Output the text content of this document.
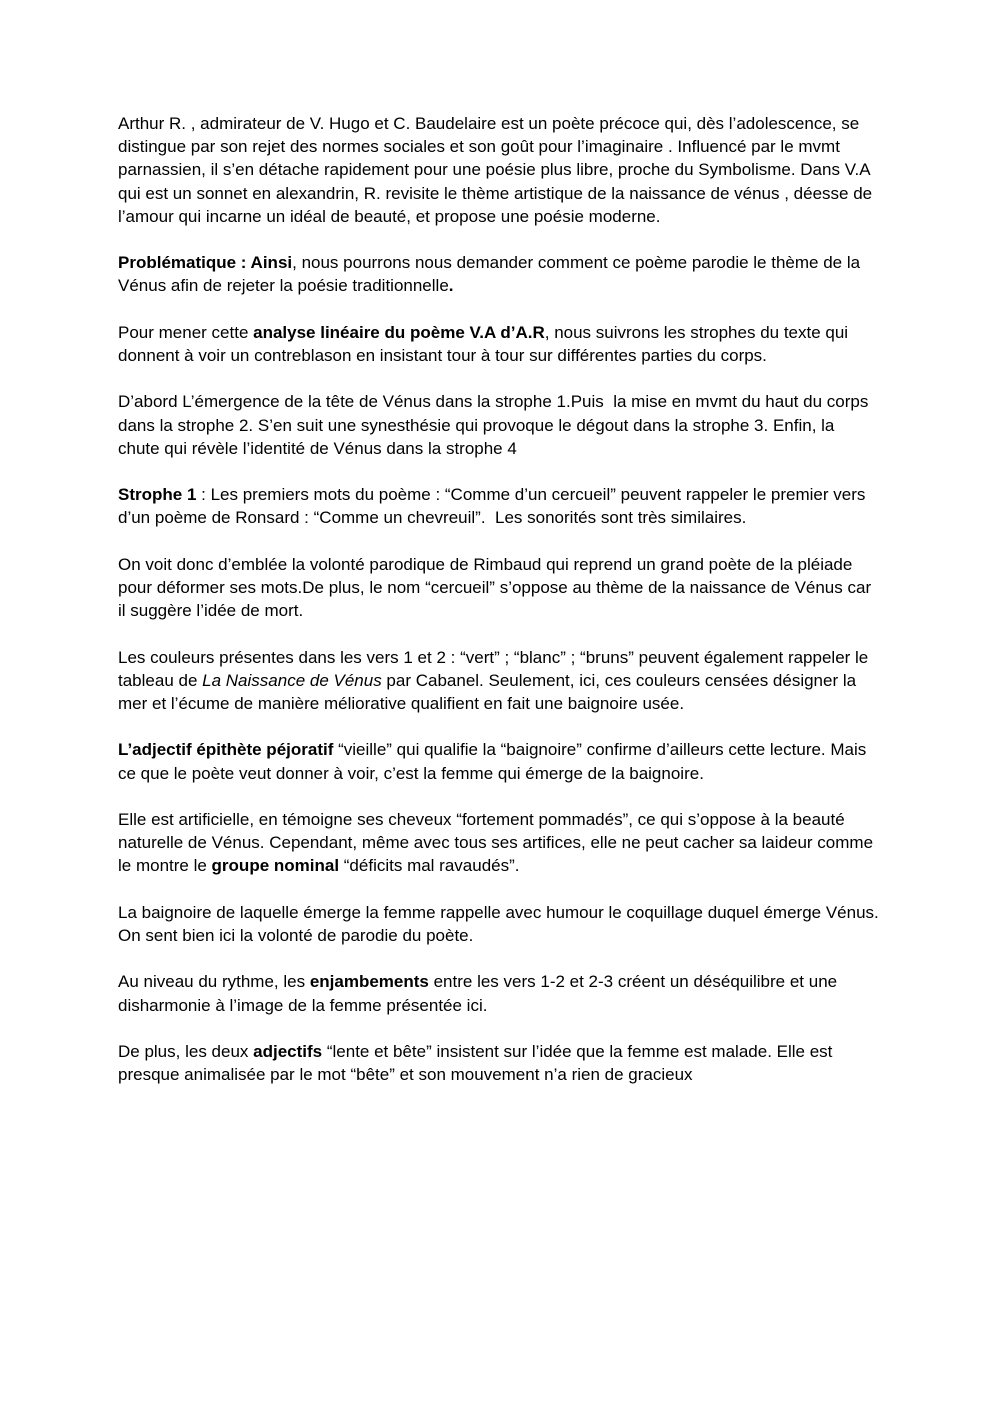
Arthur R. , admirateur de V. Hugo et C. Baudelaire est un poète précoce qui, dès l’adolescence, se distingue par son rejet des normes sociales et son goût pour l’imaginaire . Influencé par le mvmt parnassien, il s’en détache rapidement pour une poésie plus libre, proche du Symbolisme. Dans V.A qui est un sonnet en alexandrin, R. revisite le thème artistique de la naissance de vénus , déesse de l’amour qui incarne un idéal de beauté, et propose une poésie moderne.

Problématique : Ainsi, nous pourrons nous demander comment ce poème parodie le thème de la Vénus afin de rejeter la poésie traditionnelle.

Pour mener cette analyse linéaire du poème V.A d’A.R, nous suivrons les strophes du texte qui donnent à voir un contreblason en insistant tour à tour sur différentes parties du corps.

D’abord L’émergence de la tête de Vénus dans la strophe 1.Puis  la mise en mvmt du haut du corps dans la strophe 2. S’en suit une synesthésie qui provoque le dégout dans la strophe 3. Enfin, la chute qui révèle l’identité de Vénus dans la strophe 4

Strophe 1 : Les premiers mots du poème : “Comme d’un cercueil” peuvent rappeler le premier vers d’un poème de Ronsard : “Comme un chevreuil”.  Les sonorités sont très similaires.

On voit donc d’emblée la volonté parodique de Rimbaud qui reprend un grand poète de la pléiade pour déformer ses mots.De plus, le nom “cercueil” s’oppose au thème de la naissance de Vénus car il suggère l’idée de mort.

Les couleurs présentes dans les vers 1 et 2 : “vert” ; “blanc” ; “bruns” peuvent également rappeler le tableau de La Naissance de Vénus par Cabanel. Seulement, ici, ces couleurs censées désigner la mer et l’écume de manière méliorative qualifient en fait une baignoire usée.

L’adjectif épithète péjoratif “vieille” qui qualifie la “baignoire” confirme d’ailleurs cette lecture. Mais ce que le poète veut donner à voir, c’est la femme qui émerge de la baignoire.

Elle est artificielle, en témoigne ses cheveux “fortement pommadés”, ce qui s’oppose à la beauté naturelle de Vénus. Cependant, même avec tous ses artifices, elle ne peut cacher sa laideur comme le montre le groupe nominal “déficits mal ravaudés”.

La baignoire de laquelle émerge la femme rappelle avec humour le coquillage duquel émerge Vénus. On sent bien ici la volonté de parodie du poète.

Au niveau du rythme, les enjambements entre les vers 1-2 et 2-3 créent un déséquilibre et une disharmonie à l’image de la femme présentée ici.

De plus, les deux adjectifs “lente et bête” insistent sur l’idée que la femme est malade. Elle est presque animalisée par le mot “bête” et son mouvement n’a rien de gracieux
